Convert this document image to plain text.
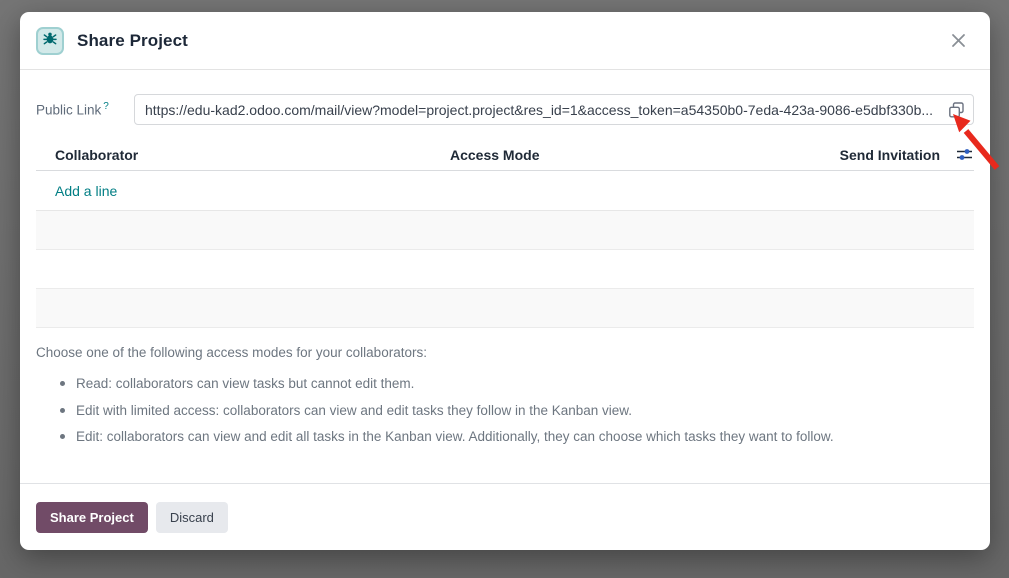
Share Project
Public Link ?
https://edu-kad2.odoo.com/mail/view?model=project.project&res_id=1&access_token=a54350b0-7eda-423a-9086-e5dbf330b...
Collaborator	Access Mode	Send Invitation
Add a line
Choose one of the following access modes for your collaborators:
Read: collaborators can view tasks but cannot edit them.
Edit with limited access: collaborators can view and edit tasks they follow in the Kanban view.
Edit: collaborators can view and edit all tasks in the Kanban view. Additionally, they can choose which tasks they want to follow.
Share Project	Discard
